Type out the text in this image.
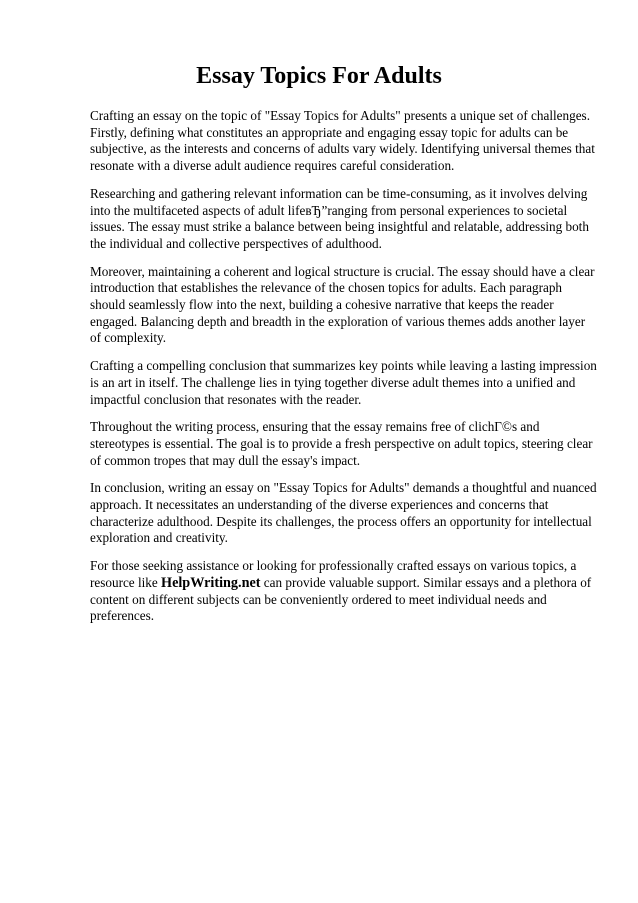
Essay Topics For Adults

Crafting an essay on the topic of "Essay Topics for Adults" presents a unique set of challenges. Firstly, defining what constitutes an appropriate and engaging essay topic for adults can be subjective, as the interests and concerns of adults vary widely. Identifying universal themes that resonate with a diverse adult audience requires careful consideration.

Researching and gathering relevant information can be time-consuming, as it involves delving into the multifaceted aspects of adult lifeвЂ”ranging from personal experiences to societal issues. The essay must strike a balance between being insightful and relatable, addressing both the individual and collective perspectives of adulthood.

Moreover, maintaining a coherent and logical structure is crucial. The essay should have a clear introduction that establishes the relevance of the chosen topics for adults. Each paragraph should seamlessly flow into the next, building a cohesive narrative that keeps the reader engaged. Balancing depth and breadth in the exploration of various themes adds another layer of complexity.

Crafting a compelling conclusion that summarizes key points while leaving a lasting impression is an art in itself. The challenge lies in tying together diverse adult themes into a unified and impactful conclusion that resonates with the reader.

Throughout the writing process, ensuring that the essay remains free of clichГ©s and stereotypes is essential. The goal is to provide a fresh perspective on adult topics, steering clear of common tropes that may dull the essay's impact.

In conclusion, writing an essay on "Essay Topics for Adults" demands a thoughtful and nuanced approach. It necessitates an understanding of the diverse experiences and concerns that characterize adulthood. Despite its challenges, the process offers an opportunity for intellectual exploration and creativity.

For those seeking assistance or looking for professionally crafted essays on various topics, a resource like HelpWriting.net can provide valuable support. Similar essays and a plethora of content on different subjects can be conveniently ordered to meet individual needs and preferences.
